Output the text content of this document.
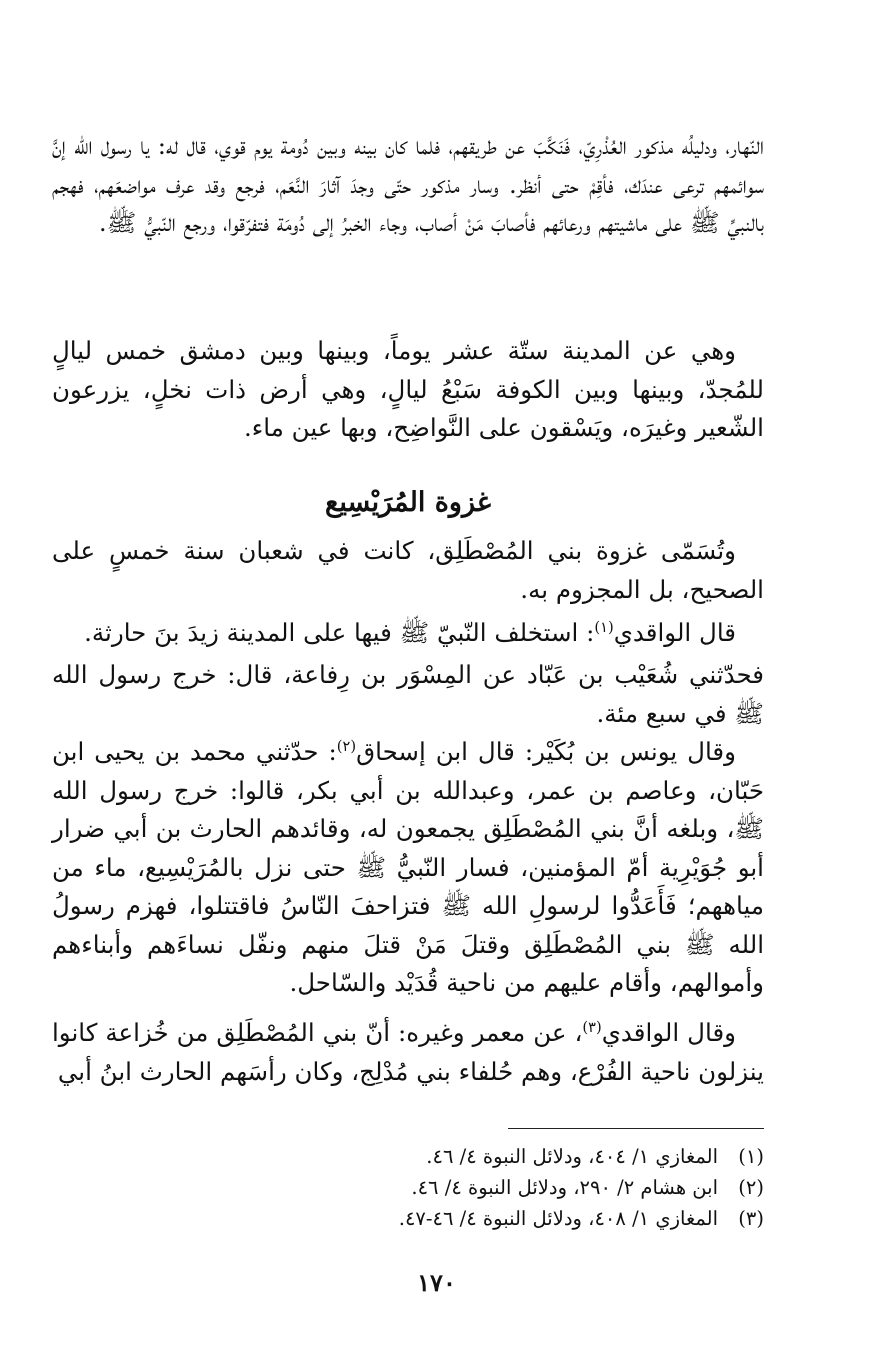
النّهار، ودليلُه مذكور العُذْرِيّ، فَنَكَّبَ عن طريقهم، فلما كان بينه وبين دُومة يوم قوي، قال له: يا رسول الله إنَّ سوائمهم ترعى عندَك، فأقِمْ حتى أنظر. وسار مذكور حتّى وجدَ آثارَ النَّعَم، فرجع وقد عرف مواضعَهم، فهجم بالنبيِّ ﷺ على ماشيتهم ورعائهم فأصابَ مَنْ أصاب، وجاء الخبرُ إلى دُومَة فتفرّقوا، ورجع النّبيُّ ﷺ.
وهي عن المدينة ستّة عشر يوماً، وبينها وبين دمشق خمس ليالٍ للمُجدّ، وبينها وبين الكوفة سَبْعُ ليالٍ، وهي أرض ذات نخلٍ، يزرعون الشّعير وغيرَه، ويَسْقون على النَّواضِح، وبها عين ماء.
غزوة المُرَيْسِيع
وتُسَمّى غزوة بني المُصْطَلِق، كانت في شعبان سنة خمسٍ على الصحيح، بل المجزوم به.
قال الواقدي$^{(١)}$: استخلف النّبيّ ﷺ فيها على المدينة زيدَ بنَ حارثة.
فحدّثني شُعَيْب بن عَبّاد عن المِسْوَر بن رِفاعة، قال: خرج رسول الله ﷺ في سبع مئة.
وقال يونس بن بُكَيْر: قال ابن إسحاق$^{(٢)}$: حدّثني محمد بن يحيى ابن حَبّان، وعاصم بن عمر، وعبدالله بن أبي بكر، قالوا: خرج رسول الله ﷺ، وبلغه أنَّ بني المُصْطَلِق يجمعون له، وقائدهم الحارث بن أبي ضرار أبو جُوَيْرِية أمّ المؤمنين، فسار النّبيُّ ﷺ حتى نزل بالمُرَيْسِيع، ماء من مياههم؛ فَأَعَدُّوا لرسولِ الله ﷺ فتزاحفَ النّاسُ فاقتتلوا، فهزم رسولُ الله ﷺ بني المُصْطَلِق وقتلَ مَنْ قتلَ منهم ونفّل نساءَهم وأبناءهم وأموالهم، وأقام عليهم من ناحية قُدَيْد والسّاحل.
وقال الواقدي$^{(٣)}$، عن معمر وغيره: أنّ بني المُصْطَلِق من خُزاعة كانوا ينزلون ناحية الفُرْع، وهم حُلفاء بني مُدْلِج، وكان رأسَهم الحارث ابنُ أبي
(١)
المغازي ١/ ٤٠٤، ودلائل النبوة ٤/ ٤٦.
(٢)
ابن هشام ٢/ ٢٩٠، ودلائل النبوة ٤/ ٤٦.
(٣)
المغازي ١/ ٤٠٨، ودلائل النبوة ٤/ ٤٦-٤٧.
١٧٠
